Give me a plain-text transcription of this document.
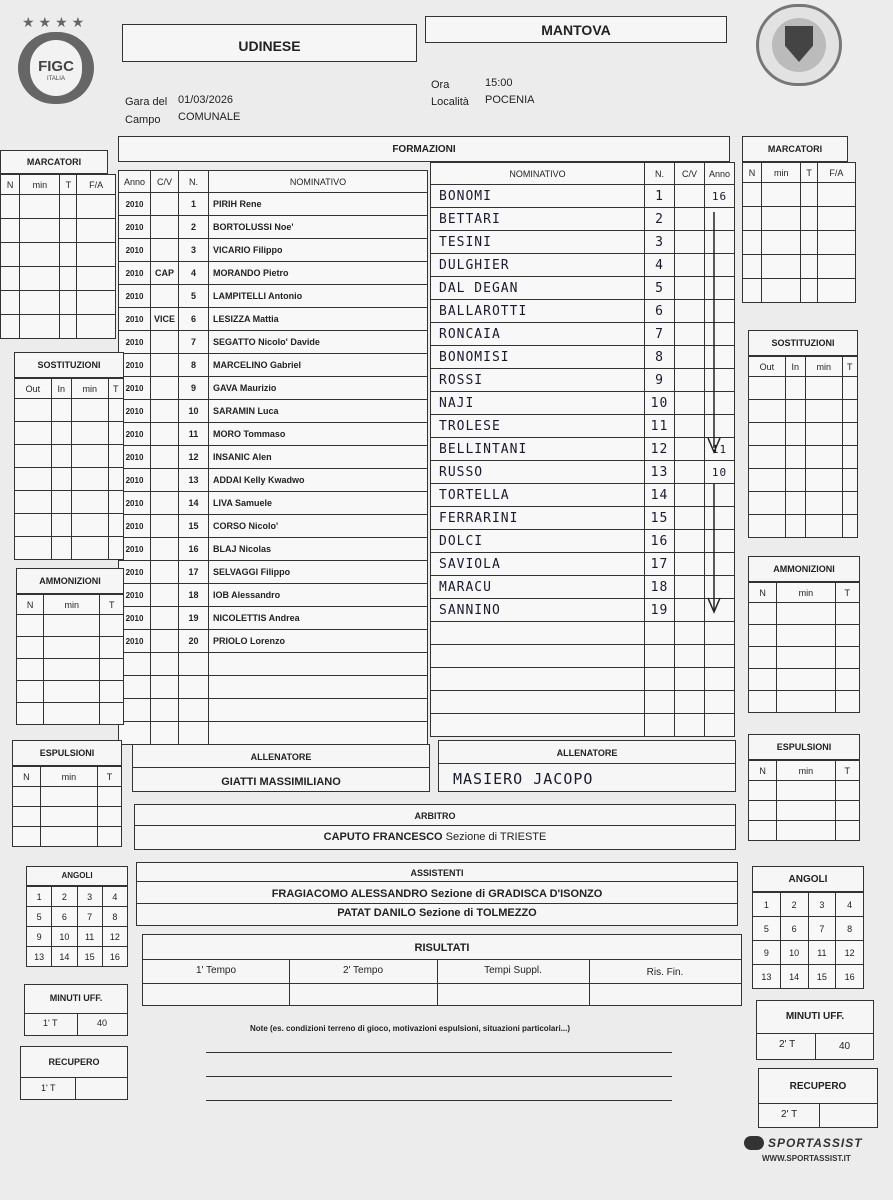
★★★★
FIGC
ITALIA
UDINESE
MANTOVA
Gara del 01/03/2026
Campo COMUNALE
Ora	15:00
Località POCENIA
FORMAZIONI
Anno	C/V	N.	NOMINATIVO
2010		1	PIRIH Rene
2010		2	BORTOLUSSI Noe'
2010		3	VICARIO Filippo
2010	CAP	4	MORANDO Pietro
2010		5	LAMPITELLI Antonio
2010	VICE	6	LESIZZA Mattia
2010		7	SEGATTO Nicolo' Davide
2010		8	MARCELINO Gabriel
2010		9	GAVA Maurizio
2010		10	SARAMIN Luca
2010		11	MORO Tommaso
2010		12	INSANIC Alen
2010		13	ADDAI Kelly Kwadwo
2010		14	LIVA Samuele
2010		15	CORSO Nicolo'
2010		16	BLAJ Nicolas
2010		17	SELVAGGI Filippo
2010		18	IOB Alessandro
2010		19	NICOLETTIS Andrea
2010		20	PRIOLO Lorenzo

NOMINATIVO	N.	C/V	Anno
BONOMI	1		16
BETTARI	2		
TESINI	3		
DULGHIER	4		
DAL DEGAN	5		
BALLAROTTI	6		
RONCAIA	7		
BONOMISI	8		
ROSSI	9		
NAJI	10		
TROLESE	11		
BELLINTANI	12		11
RUSSO	13		10
TORTELLA	14		
FERRARINI	15		
DOLCI	16		
SAVIOLA	17		
MARACU	18		
SANNINO	19		

MARCATORI
N	min	T	F/A

SOSTITUZIONI
Out	In	min	T

AMMONIZIONI
N	min	T

ESPULSIONI
N	min	T

ANGOLI
1	2	3	4
5	6	7	8
9	10	11	12
13	14	15	16
MINUTI UFF.
1' T	40
RECUPERO
1' T
MARCATORI
N	min	T	F/A

SOSTITUZIONI
Out	In	min	T

AMMONIZIONI
N	min	T

ESPULSIONI
N	min	T

ANGOLI
1	2	3	4
5	6	7	8
9	10	11	12
13	14	15	16
MINUTI UFF.
2' T	40
RECUPERO
2' T
ALLENATORE
GIATTI MASSIMILIANO
ALLENATORE
MASIERO JACOPO
ARBITRO
CAPUTO FRANCESCO Sezione di TRIESTE
ASSISTENTI
FRAGIACOMO ALESSANDRO Sezione di GRADISCA D'ISONZO
PATAT DANILO Sezione di TOLMEZZO
RISULTATI
1' Tempo	2' Tempo	Tempi Suppl.	Ris. Fin.
Note (es. condizioni terreno di gioco, motivazioni espulsioni, situazioni particolari...)
SPORTASSIST
WWW.SPORTASSIST.IT
